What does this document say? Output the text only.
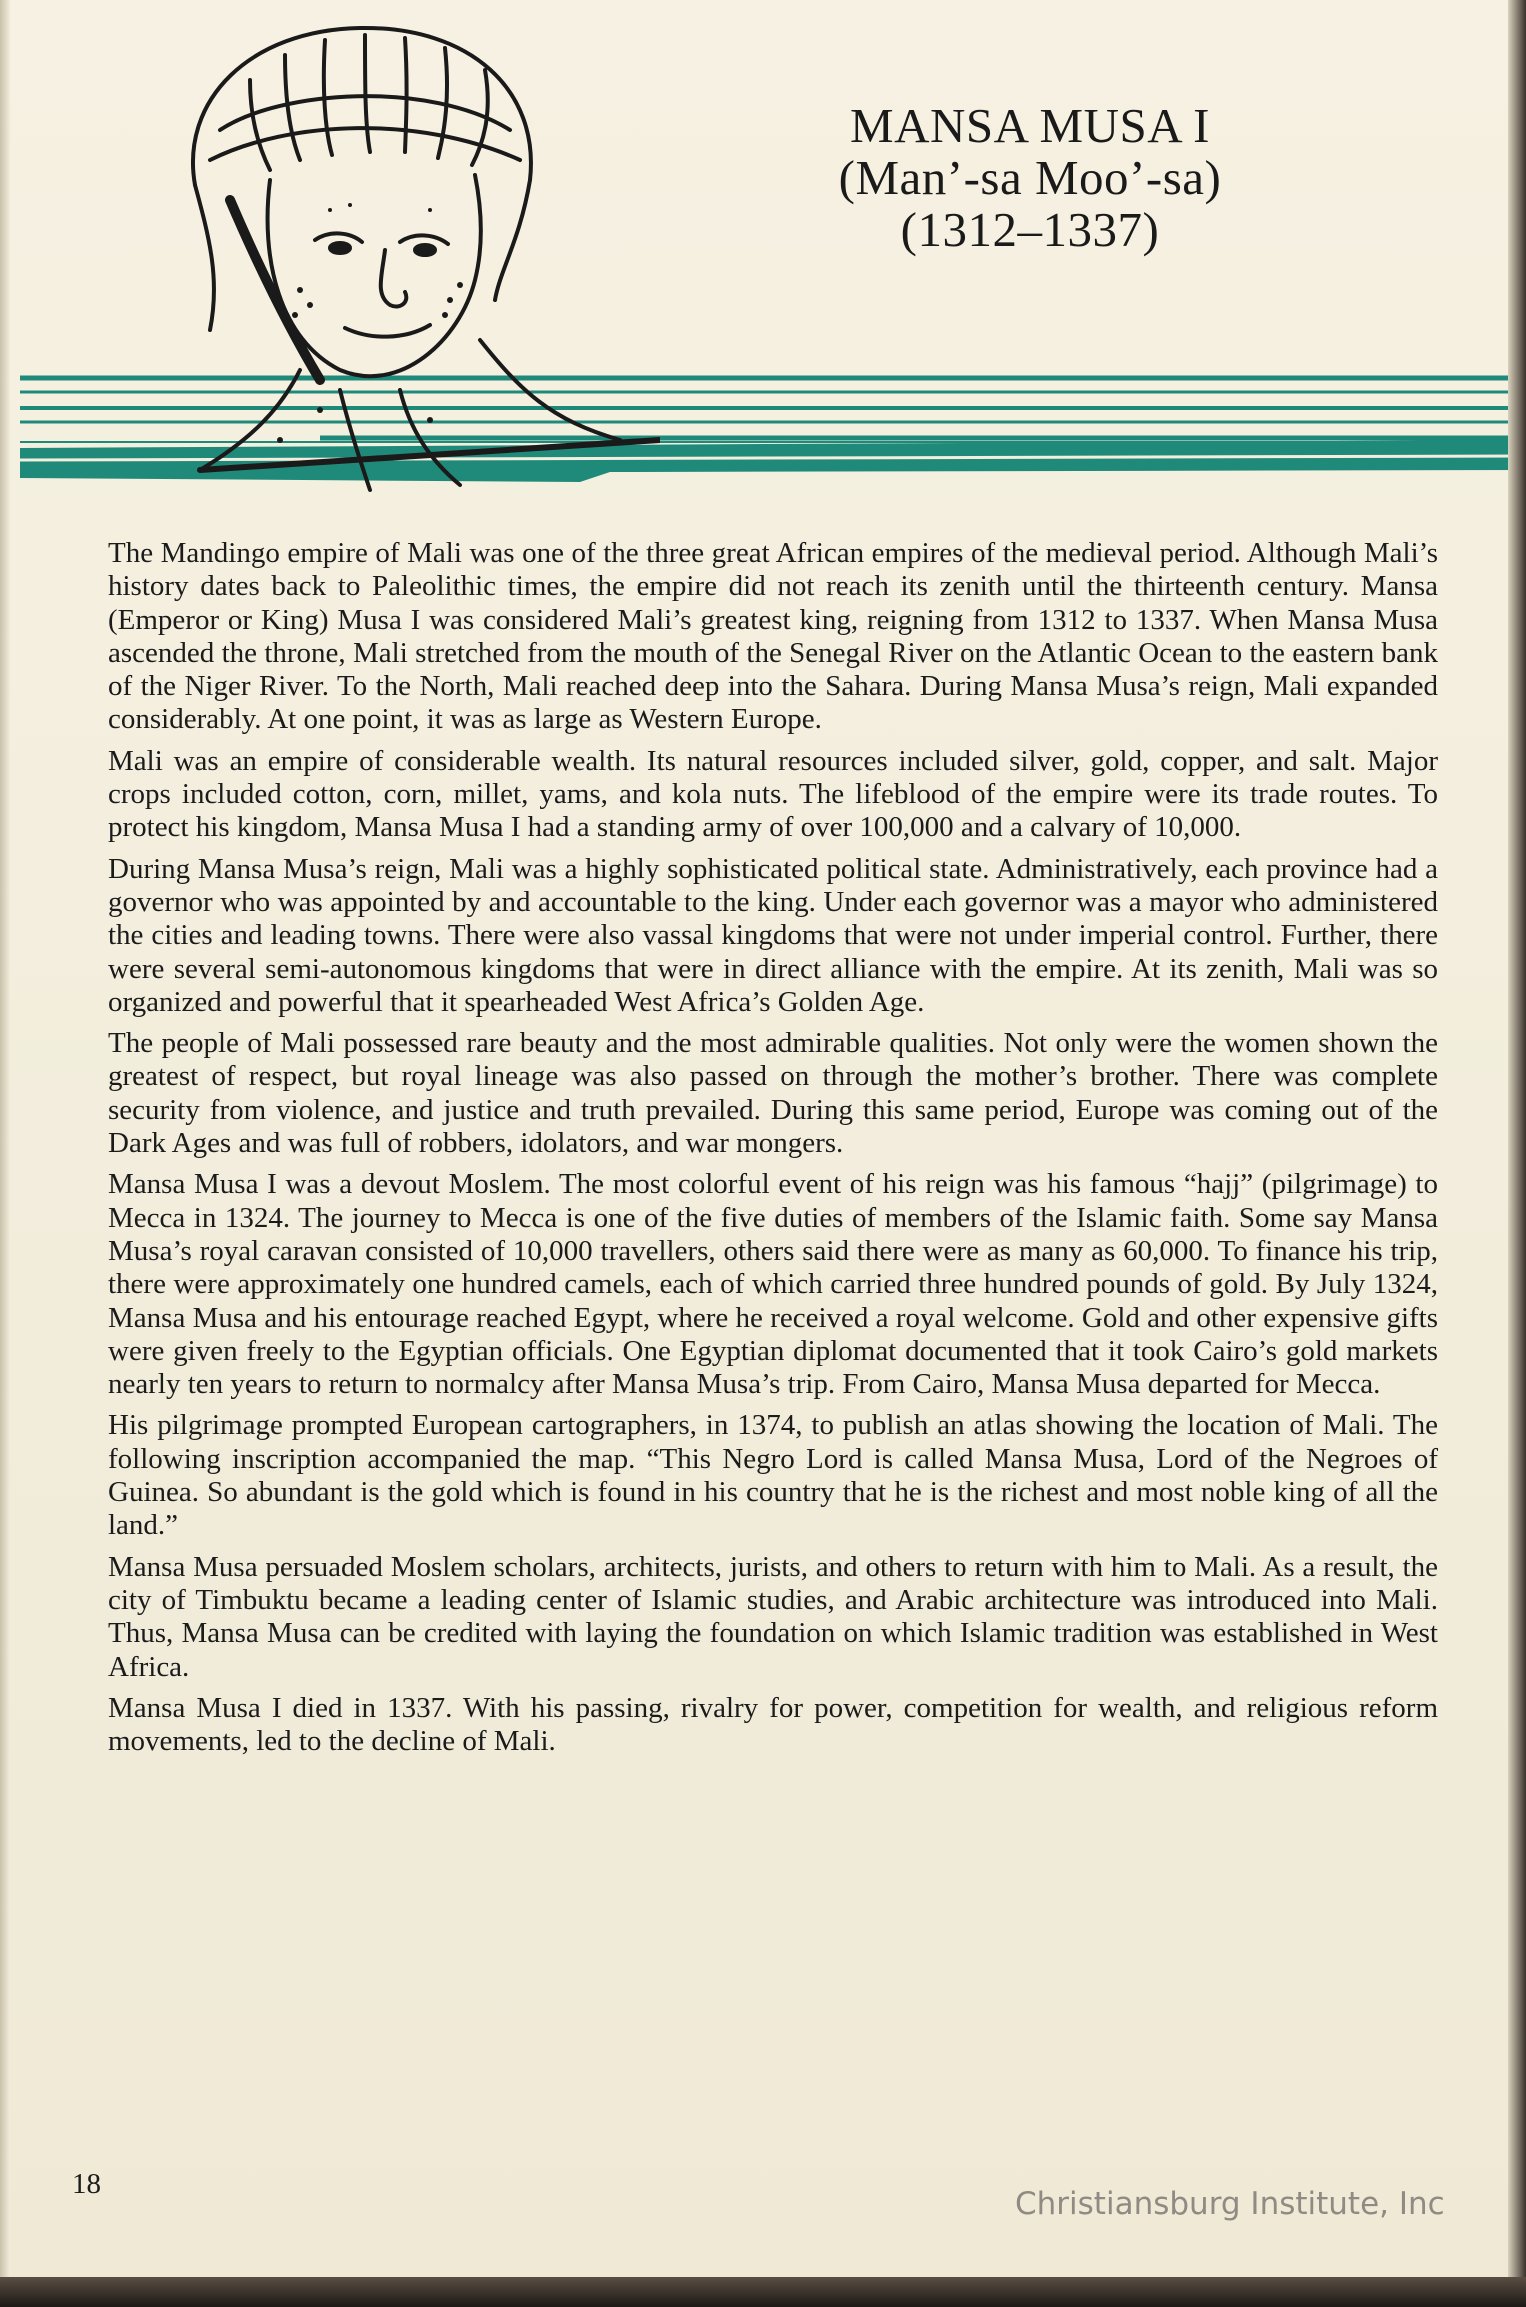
MANSA MUSA I
(Man’-sa Moo’-sa)
(1312–1337)

The Mandingo empire of Mali was one of the three great African empires of the medieval period. Although Mali’s history dates back to Paleolithic times, the empire did not reach its zenith until the thirteenth century. Mansa (Emperor or King) Musa I was considered Mali’s greatest king, reigning from 1312 to 1337. When Mansa Musa ascended the throne, Mali stretched from the mouth of the Senegal River on the Atlantic Ocean to the eastern bank of the Niger River. To the North, Mali reached deep into the Sahara. During Mansa Musa’s reign, Mali expanded considerably. At one point, it was as large as Western Europe.

Mali was an empire of considerable wealth. Its natural resources included silver, gold, copper, and salt. Major crops included cotton, corn, millet, yams, and kola nuts. The lifeblood of the empire were its trade routes. To protect his kingdom, Mansa Musa I had a standing army of over 100,000 and a calvary of 10,000.

During Mansa Musa’s reign, Mali was a highly sophisticated political state. Administratively, each province had a governor who was appointed by and accountable to the king. Under each governor was a mayor who administered the cities and leading towns. There were also vassal kingdoms that were not under imperial control. Further, there were several semi-autonomous kingdoms that were in direct alliance with the empire. At its zenith, Mali was so organized and powerful that it spearheaded West Africa’s Golden Age.

The people of Mali possessed rare beauty and the most admirable qualities. Not only were the women shown the greatest of respect, but royal lineage was also passed on through the mother’s brother. There was complete security from violence, and justice and truth prevailed. During this same period, Europe was coming out of the Dark Ages and was full of robbers, idolators, and war mongers.

Mansa Musa I was a devout Moslem. The most colorful event of his reign was his famous “hajj” (pilgrimage) to Mecca in 1324. The journey to Mecca is one of the five duties of members of the Islamic faith. Some say Mansa Musa’s royal caravan consisted of 10,000 travellers, others said there were as many as 60,000. To finance his trip, there were approximately one hundred camels, each of which carried three hundred pounds of gold. By July 1324, Mansa Musa and his entourage reached Egypt, where he received a royal welcome. Gold and other expensive gifts were given freely to the Egyptian officials. One Egyptian diplomat documented that it took Cairo’s gold markets nearly ten years to return to normalcy after Mansa Musa’s trip. From Cairo, Mansa Musa departed for Mecca.

His pilgrimage prompted European cartographers, in 1374, to publish an atlas showing the location of Mali. The following inscription accompanied the map. “This Negro Lord is called Mansa Musa, Lord of the Negroes of Guinea. So abundant is the gold which is found in his country that he is the richest and most noble king of all the land.”

Mansa Musa persuaded Moslem scholars, architects, jurists, and others to return with him to Mali. As a result, the city of Timbuktu became a leading center of Islamic studies, and Arabic architecture was introduced into Mali. Thus, Mansa Musa can be credited with laying the foundation on which Islamic tradition was established in West Africa.

Mansa Musa I died in 1337. With his passing, rivalry for power, competition for wealth, and religious reform movements, led to the decline of Mali.

18
Christiansburg Institute, Inc
